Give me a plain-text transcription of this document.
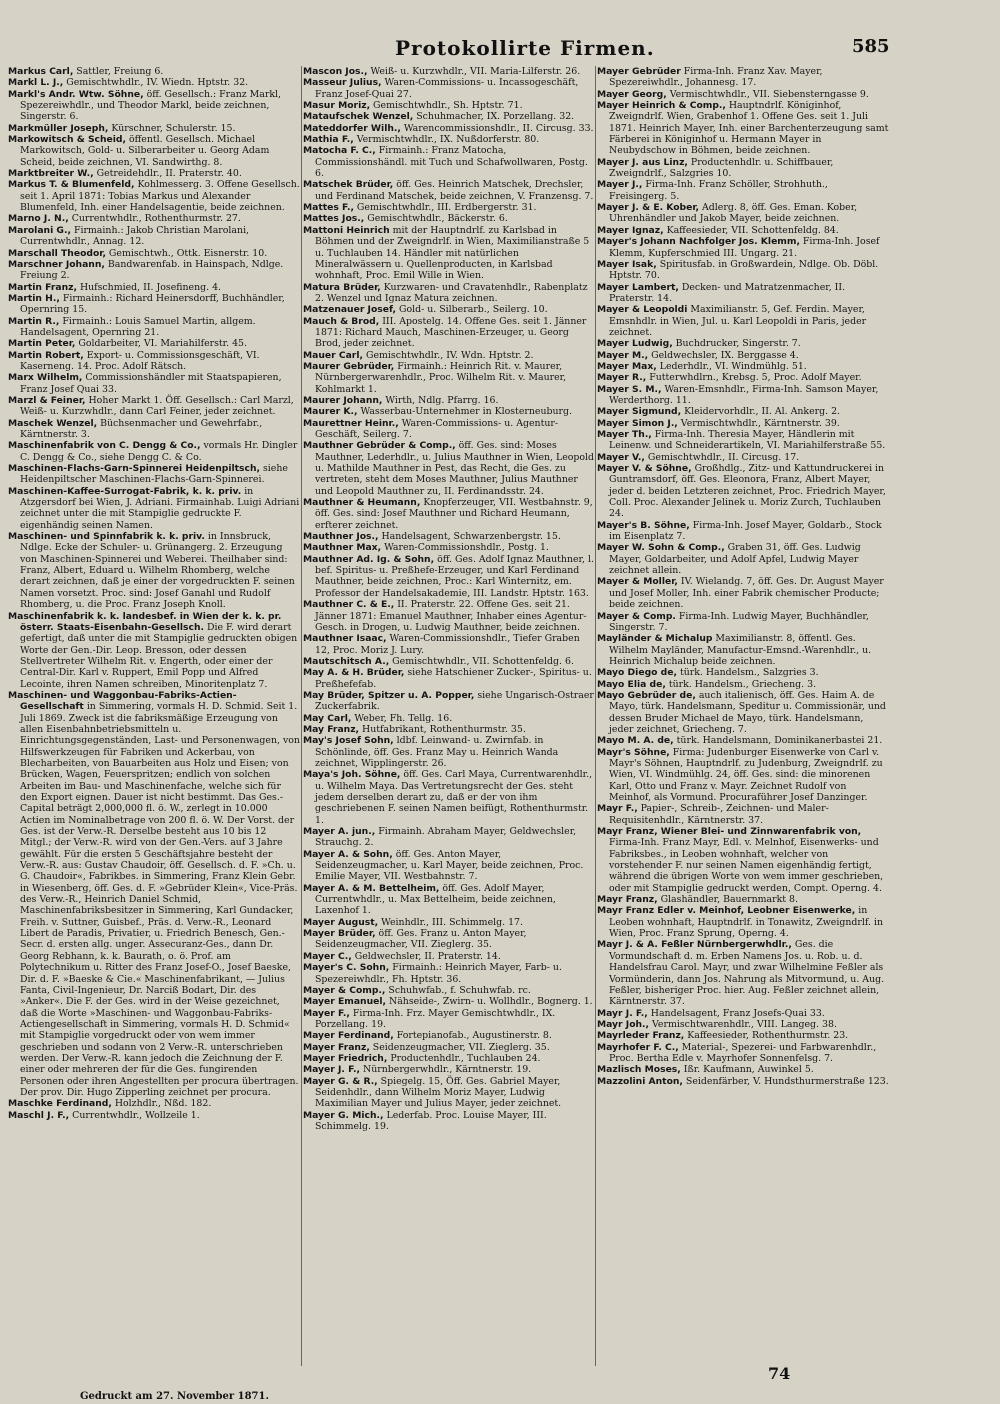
Protokollirte Firmen.	585

Markus Carl, Sattler, Freiung 6.

Markl L. J., Gemischtwhdlr., IV. Wiedn. Hptstr. 32.

Markl's Andr. Wtw. Söhne, öff. Gesellsch.: Franz Markl, Spezereiwhdlr., und Theodor Markl, beide zeichnen, Singerstr. 6.

Markmüller Joseph, Kürschner, Schulerstr. 15.

Markowitsch & Scheid, öffentl. Gesellsch. Michael Markowitsch, Gold- u. Silberarbeiter u. Georg Adam Scheid, beide zeichnen, VI. Sandwirthg. 8.

Marktbreiter W., Getreidehdlr., II. Praterstr. 40.

Markus T. & Blumenfeld, Kohlmesserg. 3. Offene Gesellsch. seit 1. April 1871: Tobias Markus und Alexander Blumenfeld, Inh. einer Handelsagentie, beide zeichnen.

Marno J. N., Currentwhdlr., Rothenthurmstr. 27.

Marolani G., Firmainh.: Jakob Christian Marolani, Currentwhdlr., Annag. 12.

Marschall Theodor, Gemischtwh., Ottk. Eisnerstr. 10.

Marschner Johann, Bandwarenfab. in Hainspach, Ndlge. Freiung 2.

Martin Franz, Hufschmied, II. Josefineng. 4.

Martin H., Firmainh.: Richard Heinersdorff, Buchhändler, Opernring 15.

Martin R., Firmainh.: Louis Samuel Martin, allgem. Handelsagent, Opernring 21.

Martin Peter, Goldarbeiter, VI. Mariahilferstr. 45.

Martin Robert, Export- u. Commissionsgeschäft, VI. Kaserneng. 14. Proc. Adolf Rätsch.

Marx Wilhelm, Commissionshändler mit Staatspapieren, Franz Josef Quai 33.

Marzl & Feiner, Hoher Markt 1. Öff. Gesellsch.: Carl Marzl, Weiß- u. Kurzwhdlr., dann Carl Feiner, jeder zeichnet.

Maschek Wenzel, Büchsenmacher und Gewehrfabr., Kärntnerstr. 3.

Maschinenfabrik von C. Dengg & Co., vormals Hr. Dingler C. Dengg & Co., siehe Dengg C. & Co.

Maschinen-Flachs-Garn-Spinnerei Heidenpiltsch, siehe Heidenpiltscher Maschinen-Flachs-Garn-Spinnerei.

Maschinen-Kaffee-Surrogat-Fabrik, k. k. priv. in Atzgersdorf bei Wien, J. Adriani. Firmainhab. Luigi Adriani zeichnet unter die mit Stampiglie gedruckte F. eigenhändig seinen Namen.

Maschinen- und Spinnfabrik k. k. priv. in Innsbruck, Ndlge. Ecke der Schuler- u. Grünangerg. 2. Erzeugung von Maschinen-Spinnerei und Weberei. Theilhaber sind: Franz, Albert, Eduard u. Wilhelm Rhomberg, welche derart zeichnen, daß je einer der vorgedruckten F. seinen Namen vorsetzt. Proc. sind: Josef Ganahl und Rudolf Rhomberg, u. die Proc. Franz Joseph Knoll.

Maschinenfabrik k. k. landesbef. in Wien der k. k. pr. österr. Staats-Eisenbahn-Gesellsch. Die F. wird derart gefertigt, daß unter die mit Stampiglie gedruckten obigen Worte der Gen.-Dir. Leop. Bresson, oder dessen Stellvertreter Wilhelm Rit. v. Engerth, oder einer der Central-Dir. Karl v. Ruppert, Emil Popp und Alfred Lecointe, ihren Namen schreiben, Minoritenplatz 7.

Maschinen- und Waggonbau-Fabriks-Actien-Gesellschaft in Simmering, vormals H. D. Schmid. Seit 1. Juli 1869. Zweck ist die fabriksmäßige Erzeugung von allen Eisenbahnbetriebsmitteln u. Einrichtungsgegenständen, Last- und Personenwagen, von Hilfswerkzeugen für Fabriken und Ackerbau, von Blecharbeiten, von Bauarbeiten aus Holz und Eisen; von Brücken, Wagen, Feuerspritzen; endlich von solchen Arbeiten im Bau- und Maschinenfache, welche sich für den Export eignen. Dauer ist nicht bestimmt. Das Ges.-Capital beträgt 2,000,000 fl. ö. W., zerlegt in 10.000 Actien im Nominalbetrage von 200 fl. ö. W. Der Vorst. der Ges. ist der Verw.-R. Derselbe besteht aus 10 bis 12 Mitgl.; der Verw.-R. wird von der Gen.-Vers. auf 3 Jahre gewählt. Für die ersten 5 Geschäftsjahre besteht der Verw.-R. aus: Gustav Chaudoir, öff. Gesellsch. d. F. »Ch. u. G. Chaudoir«, Fabrikbes. in Simmering, Franz Klein Gebr. in Wiesenberg, öff. Ges. d. F. »Gebrüder Klein«, Vice-Präs. des Verw.-R., Heinrich Daniel Schmid, Maschinenfabriksbesitzer in Simmering, Karl Gundacker, Freih. v. Suttner, Guisbef., Präs. d. Verw.-R., Leonard Libert de Paradis, Privatier, u. Friedrich Benesch, Gen.-Secr. d. ersten allg. unger. Assecuranz-Ges., dann Dr. Georg Rebhann, k. k. Baurath, o. ö. Prof. am Polytechnikum u. Ritter des Franz Josef-O., Josef Baeske, Dir. d. F. »Baeske & Cie.« Maschinenfabrikant, — Julius Fanta, Civil-Ingenieur, Dr. Narciß Bodart, Dir. des »Anker«. Die F. der Ges. wird in der Weise gezeichnet, daß die Worte »Maschinen- und Waggonbau-Fabriks-Actiengesellschaft in Simmering, vormals H. D. Schmid« mit Stampiglie vorgedruckt oder von wem immer geschrieben und sodann von 2 Verw.-R. unterschrieben werden. Der Verw.-R. kann jedoch die Zeichnung der F. einer oder mehreren der für die Ges. fungirenden Personen oder ihren Angestellten per procura übertragen. Der prov. Dir. Hugo Zipperling zeichnet per procura.

Maschke Ferdinand, Holzhdlr., Nßd. 182.

Maschl J. F., Currentwhdlr., Wollzeile 1.

Mascon Jos., Weiß- u. Kurzwhdlr., VII. Maria-Lilferstr. 26.

Masseur Julius, Waren-Commissions- u. Incassogeschäft, Franz Josef-Quai 27.

Masur Moriz, Gemischtwhdlr., Sh. Hptstr. 71.

Mataufschek Wenzel, Schuhmacher, IX. Porzellang. 32.

Mateddorfer Wilh., Warencommissionshdlr., II. Circusg. 33.

Mathia F., Vermischtwhdlr., IX. Nußdorferstr. 80.

Matocha F. C., Firmainh.: Franz Matocha, Commissionshändl. mit Tuch und Schafwollwaren, Postg. 6.

Matschek Brüder, öff. Ges. Heinrich Matschek, Drechsler, und Ferdinand Matschek, beide zeichnen, V. Franzensg. 7.

Mattes F., Gemischtwhdlr., III. Erdbergerstr. 31.

Mattes Jos., Gemischtwhdlr., Bäckerstr. 6.

Mattoni Heinrich mit der Hauptndrlf. zu Karlsbad in Böhmen und der Zweigndrlf. in Wien, Maximilianstraße 5 u. Tuchlauben 14. Händler mit natürlichen Mineralwässern u. Quellenproducten, in Karlsbad wohnhaft, Proc. Emil Wille in Wien.

Matura Brüder, Kurzwaren- und Cravatenhdlr., Rabenplatz 2. Wenzel und Ignaz Matura zeichnen.

Matzenauer Josef, Gold- u. Silberarb., Seilerg. 10.

Mauch & Brod, III. Apostelg. 14. Offene Ges. seit 1. Jänner 1871: Richard Mauch, Maschinen-Erzeuger, u. Georg Brod, jeder zeichnet.

Mauer Carl, Gemischtwhdlr., IV. Wdn. Hptstr. 2.

Maurer Gebrüder, Firmainh.: Heinrich Rit. v. Maurer, Nürnbergerwarenhdlr., Proc. Wilhelm Rit. v. Maurer, Kohlmarkt 1.

Maurer Johann, Wirth, Ndlg. Pfarrg. 16.

Maurer K., Wasserbau-Unternehmer in Klosterneuburg.

Maurettner Heinr., Waren-Commissions- u. Agentur-Geschäft, Seilerg. 7.

Mauthner Gebrüder & Comp., öff. Ges. sind: Moses Mauthner, Lederhdlr., u. Julius Mauthner in Wien, Leopold u. Mathilde Mauthner in Pest, das Recht, die Ges. zu vertreten, steht dem Moses Mauthner, Julius Mauthner und Leopold Mauthner zu, II. Ferdinandsstr. 24.

Mauthner & Heumann, Knopferzeuger, VII. Westbahnstr. 9, öff. Ges. sind: Josef Mauthner und Richard Heumann, erfterer zeichnet.

Mauthner Jos., Handelsagent, Schwarzenbergstr. 15.

Mauthner Max, Waren-Commissionshdlr., Postg. 1.

Mauthner Ad. Ig. & Sohn, öff. Ges. Adolf Ignaz Mauthner, l. bef. Spiritus- u. Preßhefe-Erzeuger, und Karl Ferdinand Mauthner, beide zeichnen, Proc.: Karl Winternitz, em. Professor der Handelsakademie, III. Landstr. Hptstr. 163.

Mauthner C. & E., II. Praterstr. 22. Offene Ges. seit 21. Jänner 1871: Emanuel Mauthner, Inhaber eines Agentur-Gesch. in Drogen, u. Ludwig Mauthner, beide zeichnen.

Mauthner Isaac, Waren-Commissionshdlr., Tiefer Graben 12, Proc. Moriz J. Lury.

Mautschitsch A., Gemischtwhdlr., VII. Schottenfeldg. 6.

May A. & H. Brüder, siehe Hatschiener Zucker-, Spiritus- u. Preßhefefab.

May Brüder, Spitzer u. A. Popper, siehe Ungarisch-Ostraer Zuckerfabrik.

May Carl, Weber, Fh. Tellg. 16.

May Franz, Hutfabrikant, Rothenthurmstr. 35.

May's Josef Sohn, ldbf. Leinwand- u. Zwirnfab. in Schönlinde, öff. Ges. Franz May u. Heinrich Wanda zeichnet, Wipplingerstr. 26.

Maya's Joh. Söhne, öff. Ges. Carl Maya, Currentwarenhdlr., u. Wilhelm Maya. Das Vertretungsrecht der Ges. steht jedem derselben derart zu, daß er der von ihm geschriebenen F. seinen Namen beifügt, Rothenthurmstr. 1.

Mayer A. jun., Firmainh. Abraham Mayer, Geldwechsler, Strauchg. 2.

Mayer A. & Sohn, öff. Ges. Anton Mayer, Seidenzeugmacher, u. Karl Mayer, beide zeichnen, Proc. Emilie Mayer, VII. Westbahnstr. 7.

Mayer A. & M. Bettelheim, öff. Ges. Adolf Mayer, Currentwhdlr., u. Max Bettelheim, beide zeichnen, Laxenhof 1.

Mayer August, Weinhdlr., III. Schimmelg. 17.

Mayer Brüder, öff. Ges. Franz u. Anton Mayer, Seidenzeugmacher, VII. Zieglerg. 35.

Mayer C., Geldwechsler, II. Praterstr. 14.

Mayer's C. Sohn, Firmainh.: Heinrich Mayer, Farb- u. Spezereiwhdlr., Fh. Hptstr. 36.

Mayer & Comp., Schuhwfab., f. Schuhwfab. rc.

Mayer Emanuel, Nähseide-, Zwirn- u. Wollhdlr., Bognerg. 1.

Mayer F., Firma-Inh. Frz. Mayer Gemischtwhdlr., IX. Porzellang. 19.

Mayer Ferdinand, Fortepianofab., Augustinerstr. 8.

Mayer Franz, Seidenzeugmacher, VII. Zieglerg. 35.

Mayer Friedrich, Productenhdlr., Tuchlauben 24.

Mayer J. F., Nürnbergerwhdlr., Kärntnerstr. 19.

Mayer G. & R., Spiegelg. 15, Öff. Ges. Gabriel Mayer, Seidenhdlr., dann Wilhelm Moriz Mayer, Ludwig Maximilian Mayer und Julius Mayer, jeder zeichnet.

Mayer G. Mich., Lederfab. Proc. Louise Mayer, III. Schimmelg. 19.

Mayer Gebrüder Firma-Inh. Franz Xav. Mayer, Spezereiwhdlr., Johannesg. 17.

Mayer Georg, Vermischtwhdlr., VII. Siebensterngasse 9.

Mayer Heinrich & Comp., Hauptndrlf. Königinhof, Zweigndrlf. Wien, Grabenhof 1. Offene Ges. seit 1. Juli 1871. Heinrich Mayer, Inh. einer Barchenterzeugung samt Färberei in Königinhof u. Hermann Mayer in Neubydschow in Böhmen, beide zeichnen.

Mayer J. aus Linz, Productenhdlr. u. Schiffbauer, Zweigndrlf., Salzgries 10.

Mayer J., Firma-Inh. Franz Schöller, Strohhuth., Freisingerg. 5.

Mayer J. & E. Kober, Adlerg. 8, öff. Ges. Eman. Kober, Uhrenhändler und Jakob Mayer, beide zeichnen.

Mayer Ignaz, Kaffeesieder, VII. Schottenfeldg. 84.

Mayer's Johann Nachfolger Jos. Klemm, Firma-Inh. Josef Klemm, Kupferschmied III. Ungarg. 21.

Mayer Isak, Spiritusfab. in Großwardein, Ndlge. Ob. Döbl. Hptstr. 70.

Mayer Lambert, Decken- und Matratzenmacher, II. Praterstr. 14.

Mayer & Leopoldi Maximilianstr. 5, Gef. Ferdin. Mayer, Emsnhdlr. in Wien, Jul. u. Karl Leopoldi in Paris, jeder zeichnet.

Mayer Ludwig, Buchdrucker, Singerstr. 7.

Mayer M., Geldwechsler, IX. Berggasse 4.

Mayer Max, Lederhdlr., VI. Windmühlg. 51.

Mayer R., Futterwhdlrn., Krebsg. 5, Proc. Adolf Mayer.

Mayer S. M., Waren-Emsnhdlr., Firma-Inh. Samson Mayer, Werderthorg. 11.

Mayer Sigmund, Kleidervorhdlr., II. Al. Ankerg. 2.

Mayer Simon J., Vermischtwhdlr., Kärntnerstr. 39.

Mayer Th., Firma-Inh. Theresia Mayer, Händlerin mit Leinenw. und Schneiderartikeln, VI. Mariahilferstraße 55.

Mayer V., Gemischtwhdlr., II. Circusg. 17.

Mayer V. & Söhne, Großhdlg., Zitz- und Kattundruckerei in Guntramsdorf, öff. Ges. Eleonora, Franz, Albert Mayer, jeder d. beiden Letzteren zeichnet, Proc. Friedrich Mayer, Coll. Proc. Alexander Jelinek u. Moriz Zurch, Tuchlauben 24.

Mayer's B. Söhne, Firma-Inh. Josef Mayer, Goldarb., Stock im Eisenplatz 7.

Mayer W. Sohn & Comp., Graben 31, öff. Ges. Ludwig Mayer, Goldarbeiter, und Adolf Apfel, Ludwig Mayer zeichnet allein.

Mayer & Moller, IV. Wielandg. 7, öff. Ges. Dr. August Mayer und Josef Moller, Inh. einer Fabrik chemischer Producte; beide zeichnen.

Mayer & Comp. Firma-Inh. Ludwig Mayer, Buchhändler, Singerstr. 7.

Mayländer & Michalup Maximilianstr. 8, öffentl. Ges. Wilhelm Mayländer, Manufactur-Emsnd.-Warenhdlr., u. Heinrich Michalup beide zeichnen.

Mayo Diego de, türk. Handelsm., Salzgries 3.

Mayo Elia de, türk. Handelsm., Griecheng. 3.

Mayo Gebrüder de, auch italienisch, öff. Ges. Haim A. de Mayo, türk. Handelsmann, Speditur u. Commissionär, und dessen Bruder Michael de Mayo, türk. Handelsmann, jeder zeichnet, Griecheng. 7.

Mayo M. A. de, türk. Handelsmann, Dominikanerbastei 21.

Mayr's Söhne, Firma: Judenburger Eisenwerke von Carl v. Mayr's Söhnen, Hauptndrlf. zu Judenburg, Zweigndrlf. zu Wien, VI. Windmühlg. 24, öff. Ges. sind: die minorenen Karl, Otto und Franz v. Mayr. Zeichnet Rudolf von Meinhof, als Vormund. Procuraführer Josef Danzinger.

Mayr F., Papier-, Schreib-, Zeichnen- und Maler-Requisitenhdlr., Kärntnerstr. 37.

Mayr Franz, Wiener Blei- und Zinnwarenfabrik von, Firma-Inh. Franz Mayr, Edl. v. Melnhof, Eisenwerks- und Fabriksbes., in Leoben wohnhaft, welcher von vorstehender F. nur seinen Namen eigenhändig fertigt, während die übrigen Worte von wem immer geschrieben, oder mit Stampiglie gedruckt werden, Compt. Operng. 4.

Mayr Franz, Glashändler, Bauernmarkt 8.

Mayr Franz Edler v. Meinhof, Leobner Eisenwerke, in Leoben wohnhaft, Hauptndrlf. in Tonawitz, Zweigndrlf. in Wien, Proc. Franz Sprung, Operng. 4.

Mayr J. & A. Feßler Nürnbergerwhdlr., Ges. die Vormundschaft d. m. Erben Namens Jos. u. Rob. u. d. Handelsfrau Carol. Mayr, und zwar Wilhelmine Feßler als Vormünderin, dann Jos. Nahrung als Mitvormund, u. Aug. Feßler, bisheriger Proc. hier. Aug. Feßler zeichnet allein, Kärntnerstr. 37.

Mayr J. F., Handelsagent, Franz Josefs-Quai 33.

Mayr Joh., Vermischtwarenhdlr., VIII. Langeg. 38.

Mayrleder Franz, Kaffeesieder, Rothenthurmstr. 23.

Mayrhofer F. C., Material-, Spezerei- und Farbwarenhdlr., Proc. Bertha Edle v. Mayrhofer Sonnenfelsg. 7.

Mazlisch Moses, Ißr. Kaufmann, Auwinkel 5.

Mazzolini Anton, Seidenfärber, V. Hundsthurmerstraße 123.

74
Gedruckt am 27. November 1871.
